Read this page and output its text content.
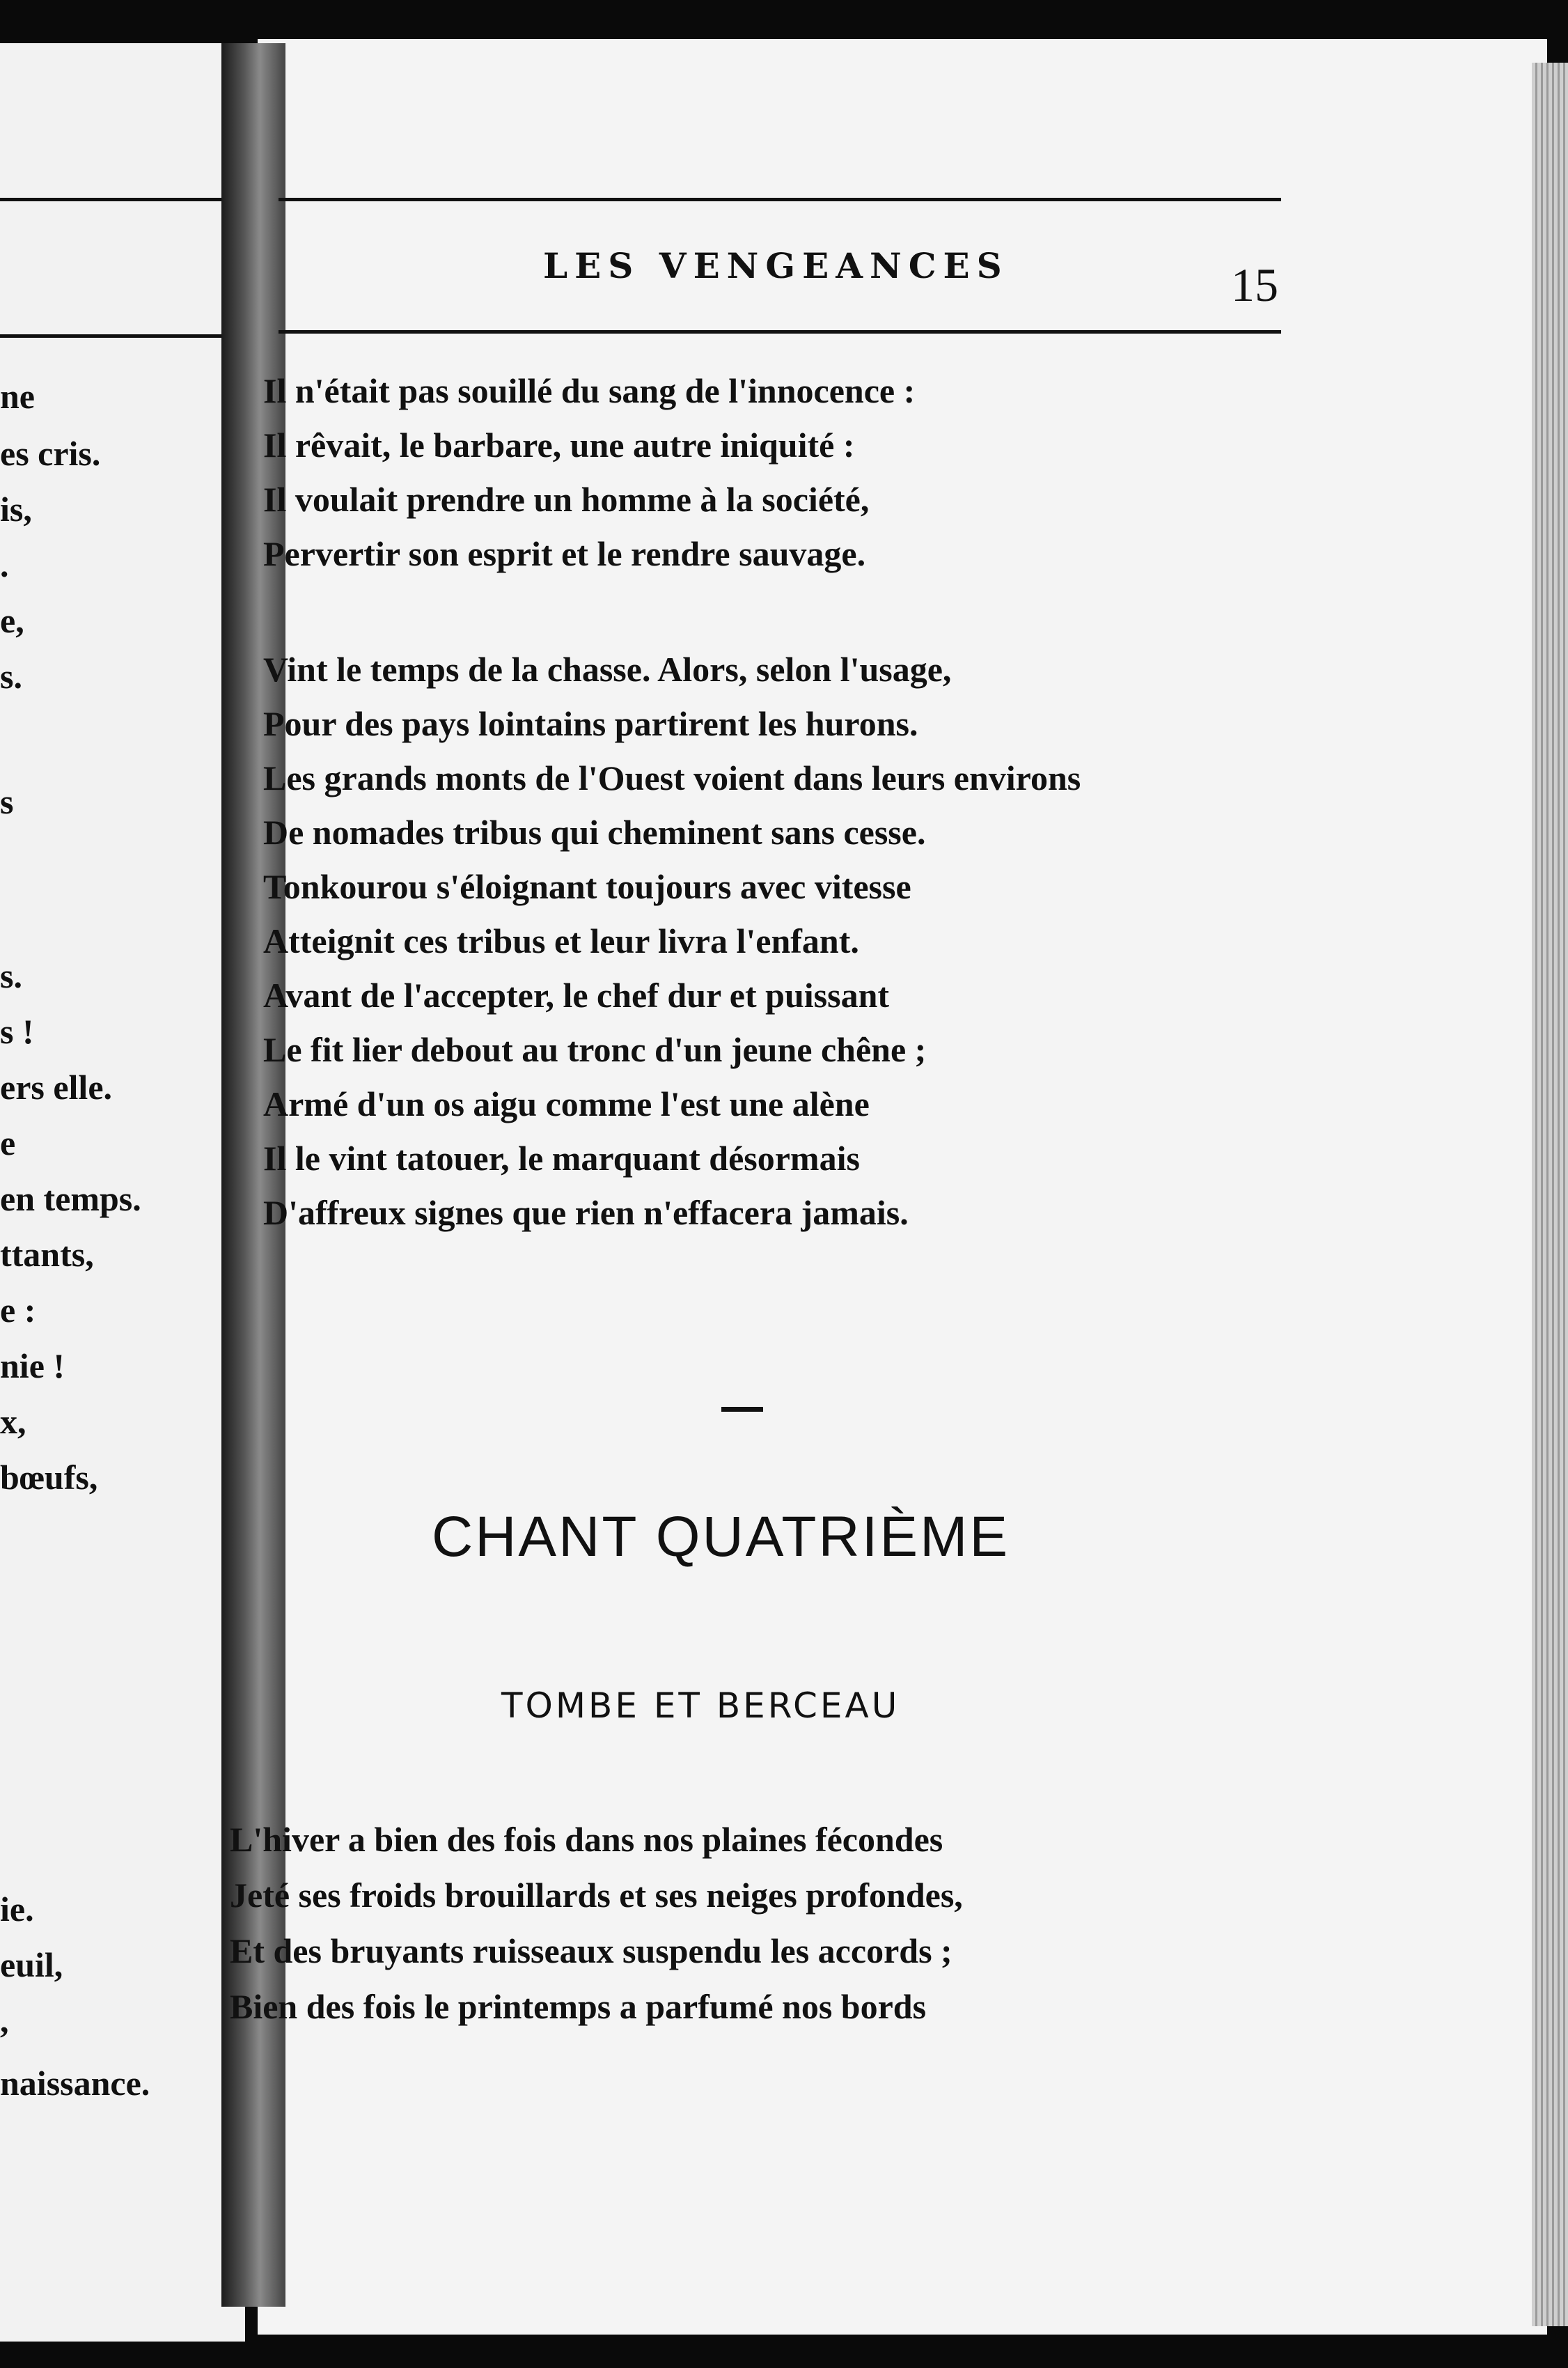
ne
es cris.
is,
.
e,
s.
s
s.
s !
ers elle.
e
en temps.
ttants,
e :
nie !
x,
bœufs,
ie.
euil,
,
naissance.
LES VENGEANCES	15
Il n'était pas souillé du sang de l'innocence :
Il rêvait, le barbare, une autre iniquité :
Il voulait prendre un homme à la société,
Pervertir son esprit et le rendre sauvage.
Vint le temps de la chasse. Alors, selon l'usage,
Pour des pays lointains partirent les hurons.
Les grands monts de l'Ouest voient dans leurs environs
De nomades tribus qui cheminent sans cesse.
Tonkourou s'éloignant toujours avec vitesse
Atteignit ces tribus et leur livra l'enfant.
Avant de l'accepter, le chef dur et puissant
Le fit lier debout au tronc d'un jeune chêne ;
Armé d'un os aigu comme l'est une alène
Il le vint tatouer, le marquant désormais
D'affreux signes que rien n'effacera jamais.
CHANT QUATRIÈME
TOMBE ET BERCEAU
L'hiver a bien des fois dans nos plaines fécondes
Jeté ses froids brouillards et ses neiges profondes,
Et des bruyants ruisseaux suspendu les accords ;
Bien des fois le printemps a parfumé nos bords
